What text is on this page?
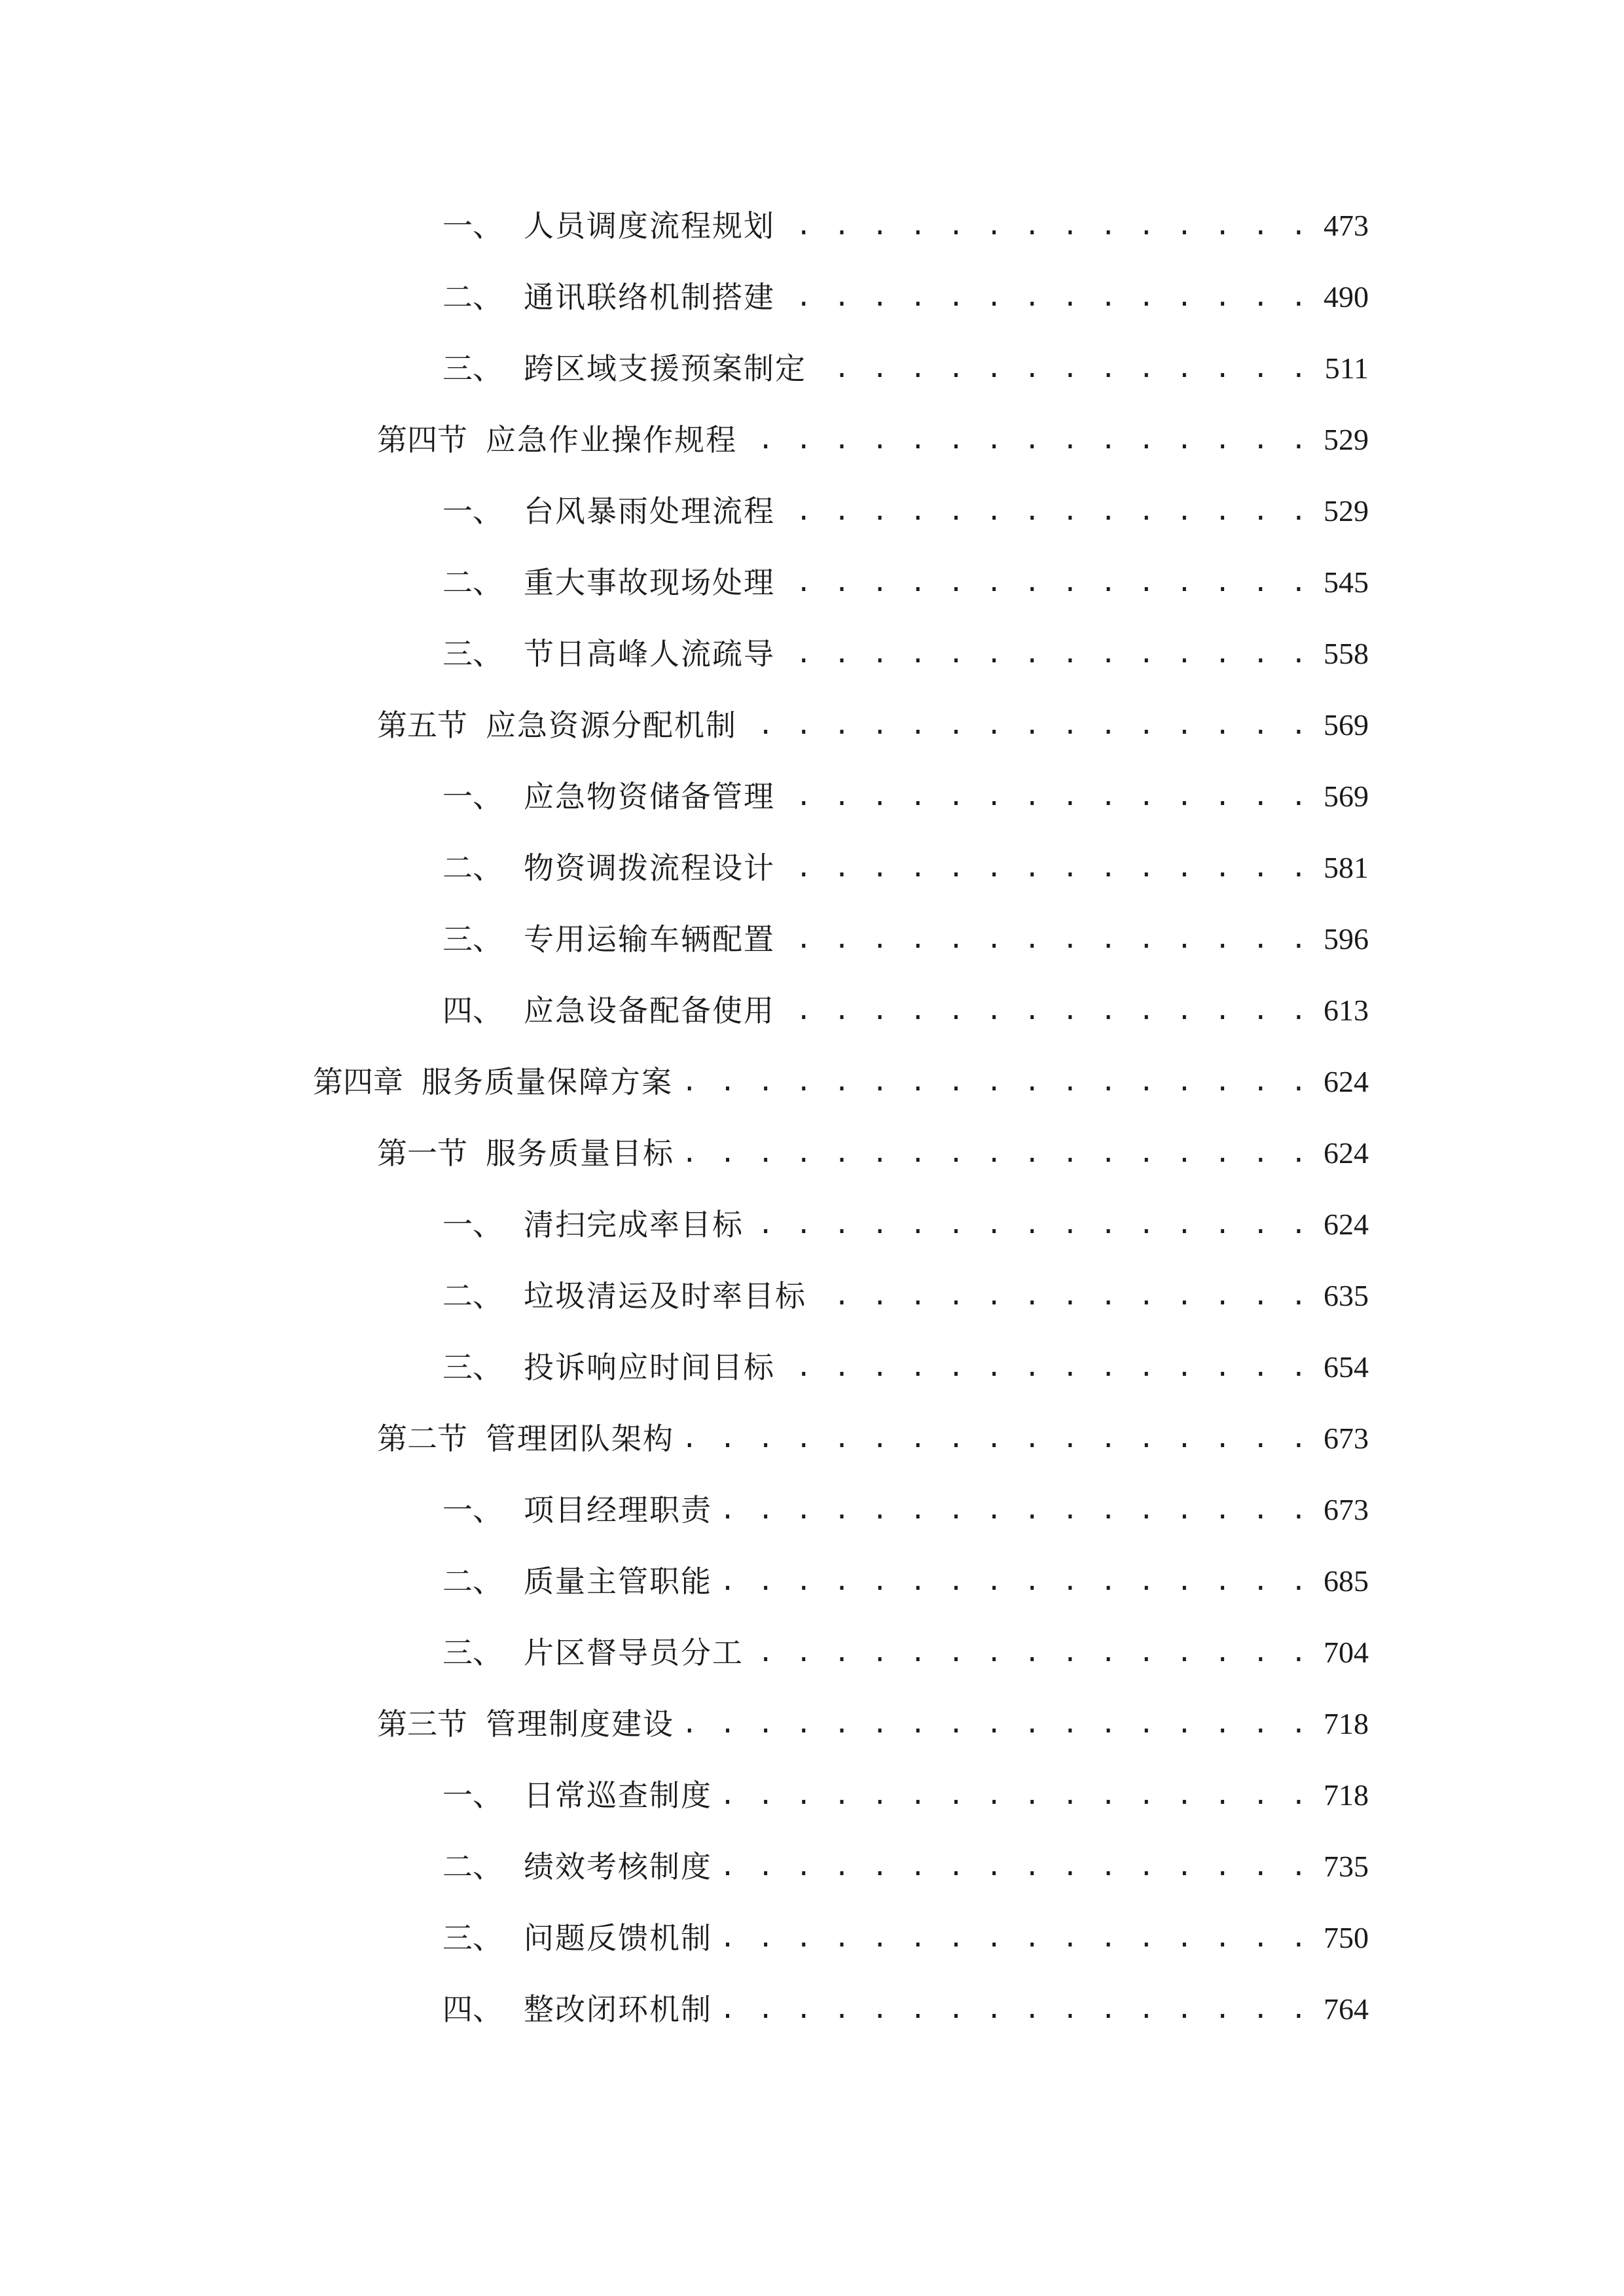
一、 人员调度流程规划 . . .	473
二、 通讯联络机制搭建 . . .	490
三、 跨区域支援预案制定 . . .	511
第四节 应急作业操作规程 . . .	529
一、 台风暴雨处理流程 . . .	529
二、 重大事故现场处理 . . .	545
三、 节日高峰人流疏导 . . .	558
第五节 应急资源分配机制 . . .	569
一、 应急物资储备管理 . . .	569
二、 物资调拨流程设计 . . .	581
三、 专用运输车辆配置 . . .	596
四、 应急设备配备使用 . . .	613
第四章 服务质量保障方案 . . .	624
第一节 服务质量目标 . . .	624
一、 清扫完成率目标 . . .	624
二、 垃圾清运及时率目标 . . .	635
三、 投诉响应时间目标 . . .	654
第二节 管理团队架构 . . .	673
一、 项目经理职责 . . .	673
二、 质量主管职能 . . .	685
三、 片区督导员分工 . . .	704
第三节 管理制度建设 . . .	718
一、 日常巡查制度 . . .	718
二、 绩效考核制度 . . .	735
三、 问题反馈机制 . . .	750
四、 整改闭环机制 . . .	764
